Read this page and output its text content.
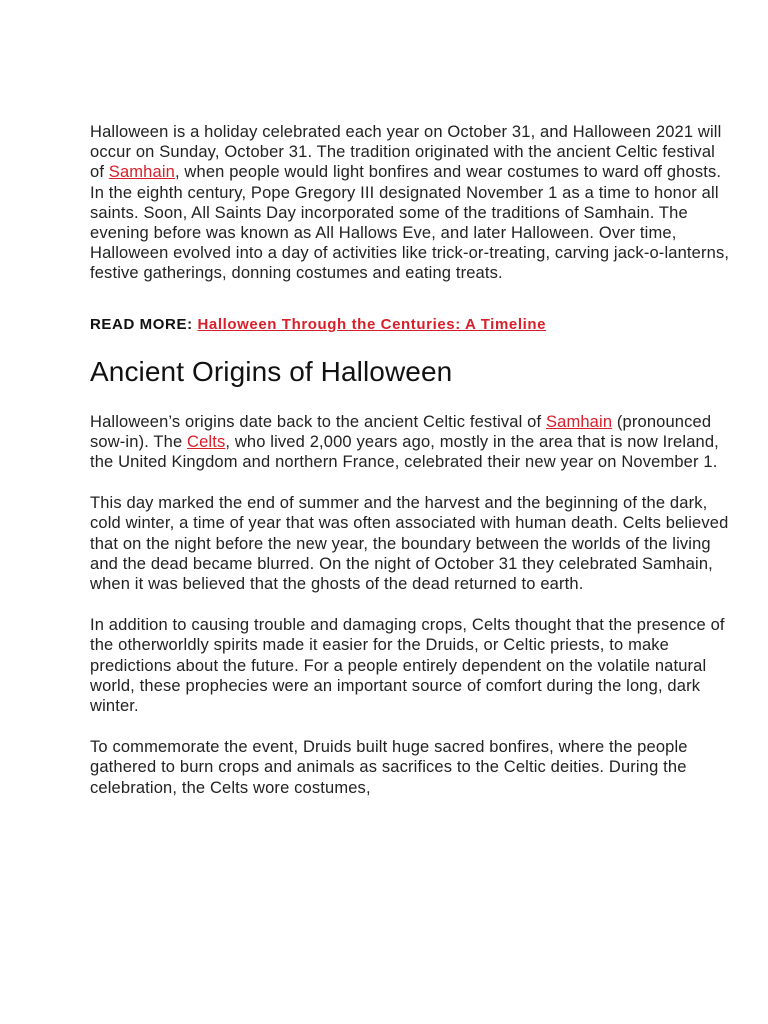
Halloween is a holiday celebrated each year on October 31, and Halloween 2021 will occur on Sunday, October 31. The tradition originated with the ancient Celtic festival of Samhain, when people would light bonfires and wear costumes to ward off ghosts. In the eighth century, Pope Gregory III designated November 1 as a time to honor all saints. Soon, All Saints Day incorporated some of the traditions of Samhain. The evening before was known as All Hallows Eve, and later Halloween. Over time, Halloween evolved into a day of activities like trick-or-treating, carving jack-o-lanterns, festive gatherings, donning costumes and eating treats.

READ MORE: Halloween Through the Centuries: A Timeline
Ancient Origins of Halloween

Halloween’s origins date back to the ancient Celtic festival of Samhain (pronounced sow-in). The Celts, who lived 2,000 years ago, mostly in the area that is now Ireland, the United Kingdom and northern France, celebrated their new year on November 1.

This day marked the end of summer and the harvest and the beginning of the dark, cold winter, a time of year that was often associated with human death. Celts believed that on the night before the new year, the boundary between the worlds of the living and the dead became blurred. On the night of October 31 they celebrated Samhain, when it was believed that the ghosts of the dead returned to earth.

In addition to causing trouble and damaging crops, Celts thought that the presence of the otherworldly spirits made it easier for the Druids, or Celtic priests, to make predictions about the future. For a people entirely dependent on the volatile natural world, these prophecies were an important source of comfort during the long, dark winter.

To commemorate the event, Druids built huge sacred bonfires, where the people gathered to burn crops and animals as sacrifices to the Celtic deities. During the celebration, the Celts wore costumes,
